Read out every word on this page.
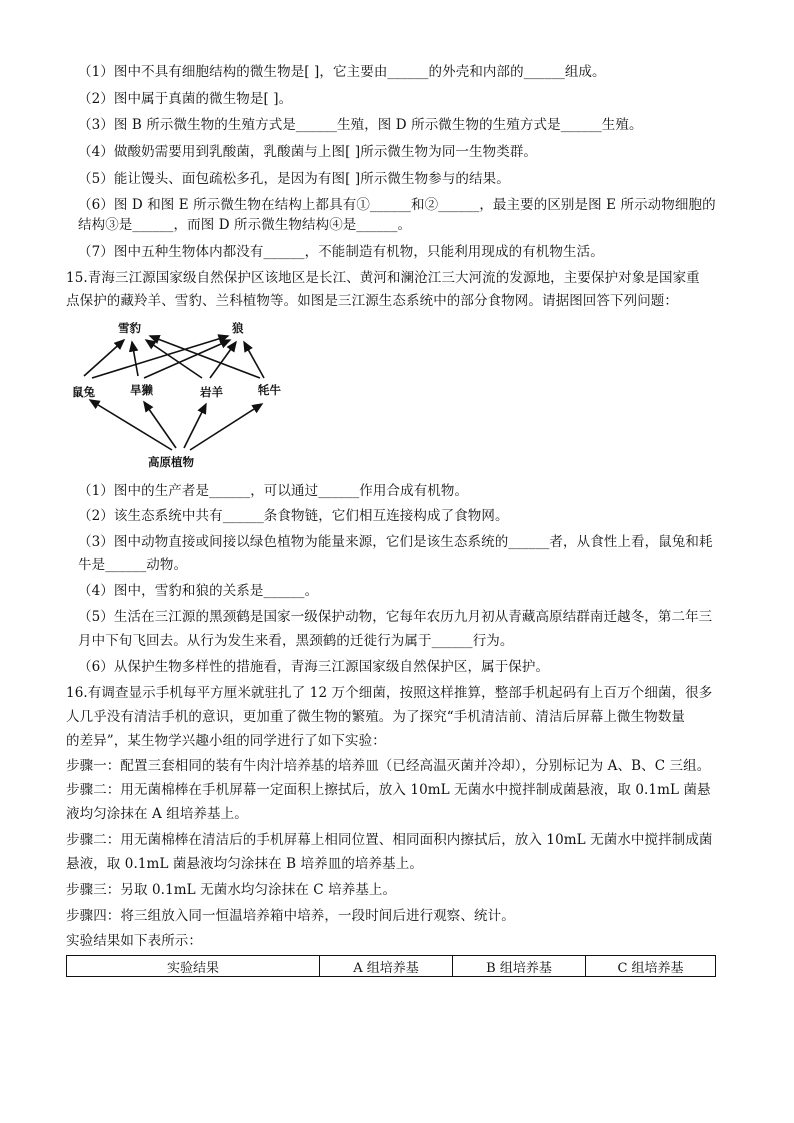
（1）图中不具有细胞结构的微生物是[ ]，它主要由______的外壳和内部的______组成。
（2）图中属于真菌的微生物是[ ]。
（3）图 B 所示微生物的生殖方式是______生殖，图 D 所示微生物的生殖方式是______生殖。
（4）做酸奶需要用到乳酸菌，乳酸菌与上图[ ]所示微生物为同一生物类群。
（5）能让馒头、面包疏松多孔，是因为有图[ ]所示微生物参与的结果。
（6）图 D 和图 E 所示微生物在结构上都具有①______和②______，最主要的区别是图 E 所示动物细胞的
结构③是______，而图 D 所示微生物结构④是______。
（7）图中五种生物体内都没有______，不能制造有机物，只能利用现成的有机物生活。
15.青海三江源国家级自然保护区该地区是长江、黄河和澜沧江三大河流的发源地，主要保护对象是国家重
点保护的藏羚羊、雪豹、兰科植物等。如图是三江源生态系统中的部分食物网。请据图回答下列问题：
雪豹	狼
鼠兔	旱獭	岩羊	牦牛
高原植物
（1）图中的生产者是______，可以通过______作用合成有机物。
（2）该生态系统中共有______条食物链，它们相互连接构成了食物网。
（3）图中动物直接或间接以绿色植物为能量来源，它们是该生态系统的______者，从食性上看，鼠兔和耗
牛是______动物。
（4）图中，雪豹和狼的关系是______。
（5）生活在三江源的黑颈鹤是国家一级保护动物，它每年农历九月初从青藏高原结群南迁越冬，第二年三
月中下旬飞回去。从行为发生来看，黑颈鹤的迁徙行为属于______行为。
（6）从保护生物多样性的措施看，青海三江源国家级自然保护区，属于保护。
16.有调查显示手机每平方厘米就驻扎了 12 万个细菌，按照这样推算，整部手机起码有上百万个细菌，很多
人几乎没有清洁手机的意识，更加重了微生物的繁殖。为了探究“手机清洁前、清洁后屏幕上微生物数量
的差异”，某生物学兴趣小组的同学进行了如下实验：
步骤一：配置三套相同的装有牛肉汁培养基的培养皿（已经高温灭菌并冷却），分别标记为 A、B、C 三组。
步骤二：用无菌棉棒在手机屏幕一定面积上擦拭后，放入 10mL 无菌水中搅拌制成菌悬液，取 0.1mL 菌悬
液均匀涂抹在 A 组培养基上。
步骤二：用无菌棉棒在清洁后的手机屏幕上相同位置、相同面积内擦拭后，放入 10mL 无菌水中搅拌制成菌
悬液，取 0.1mL 菌悬液均匀涂抹在 B 培养皿的培养基上。
步骤三：另取 0.1mL 无菌水均匀涂抹在 C 培养基上。
步骤四：将三组放入同一恒温培养箱中培养，一段时间后进行观察、统计。
实验结果如下表所示：
实验结果	A 组培养基	B 组培养基	C 组培养基
